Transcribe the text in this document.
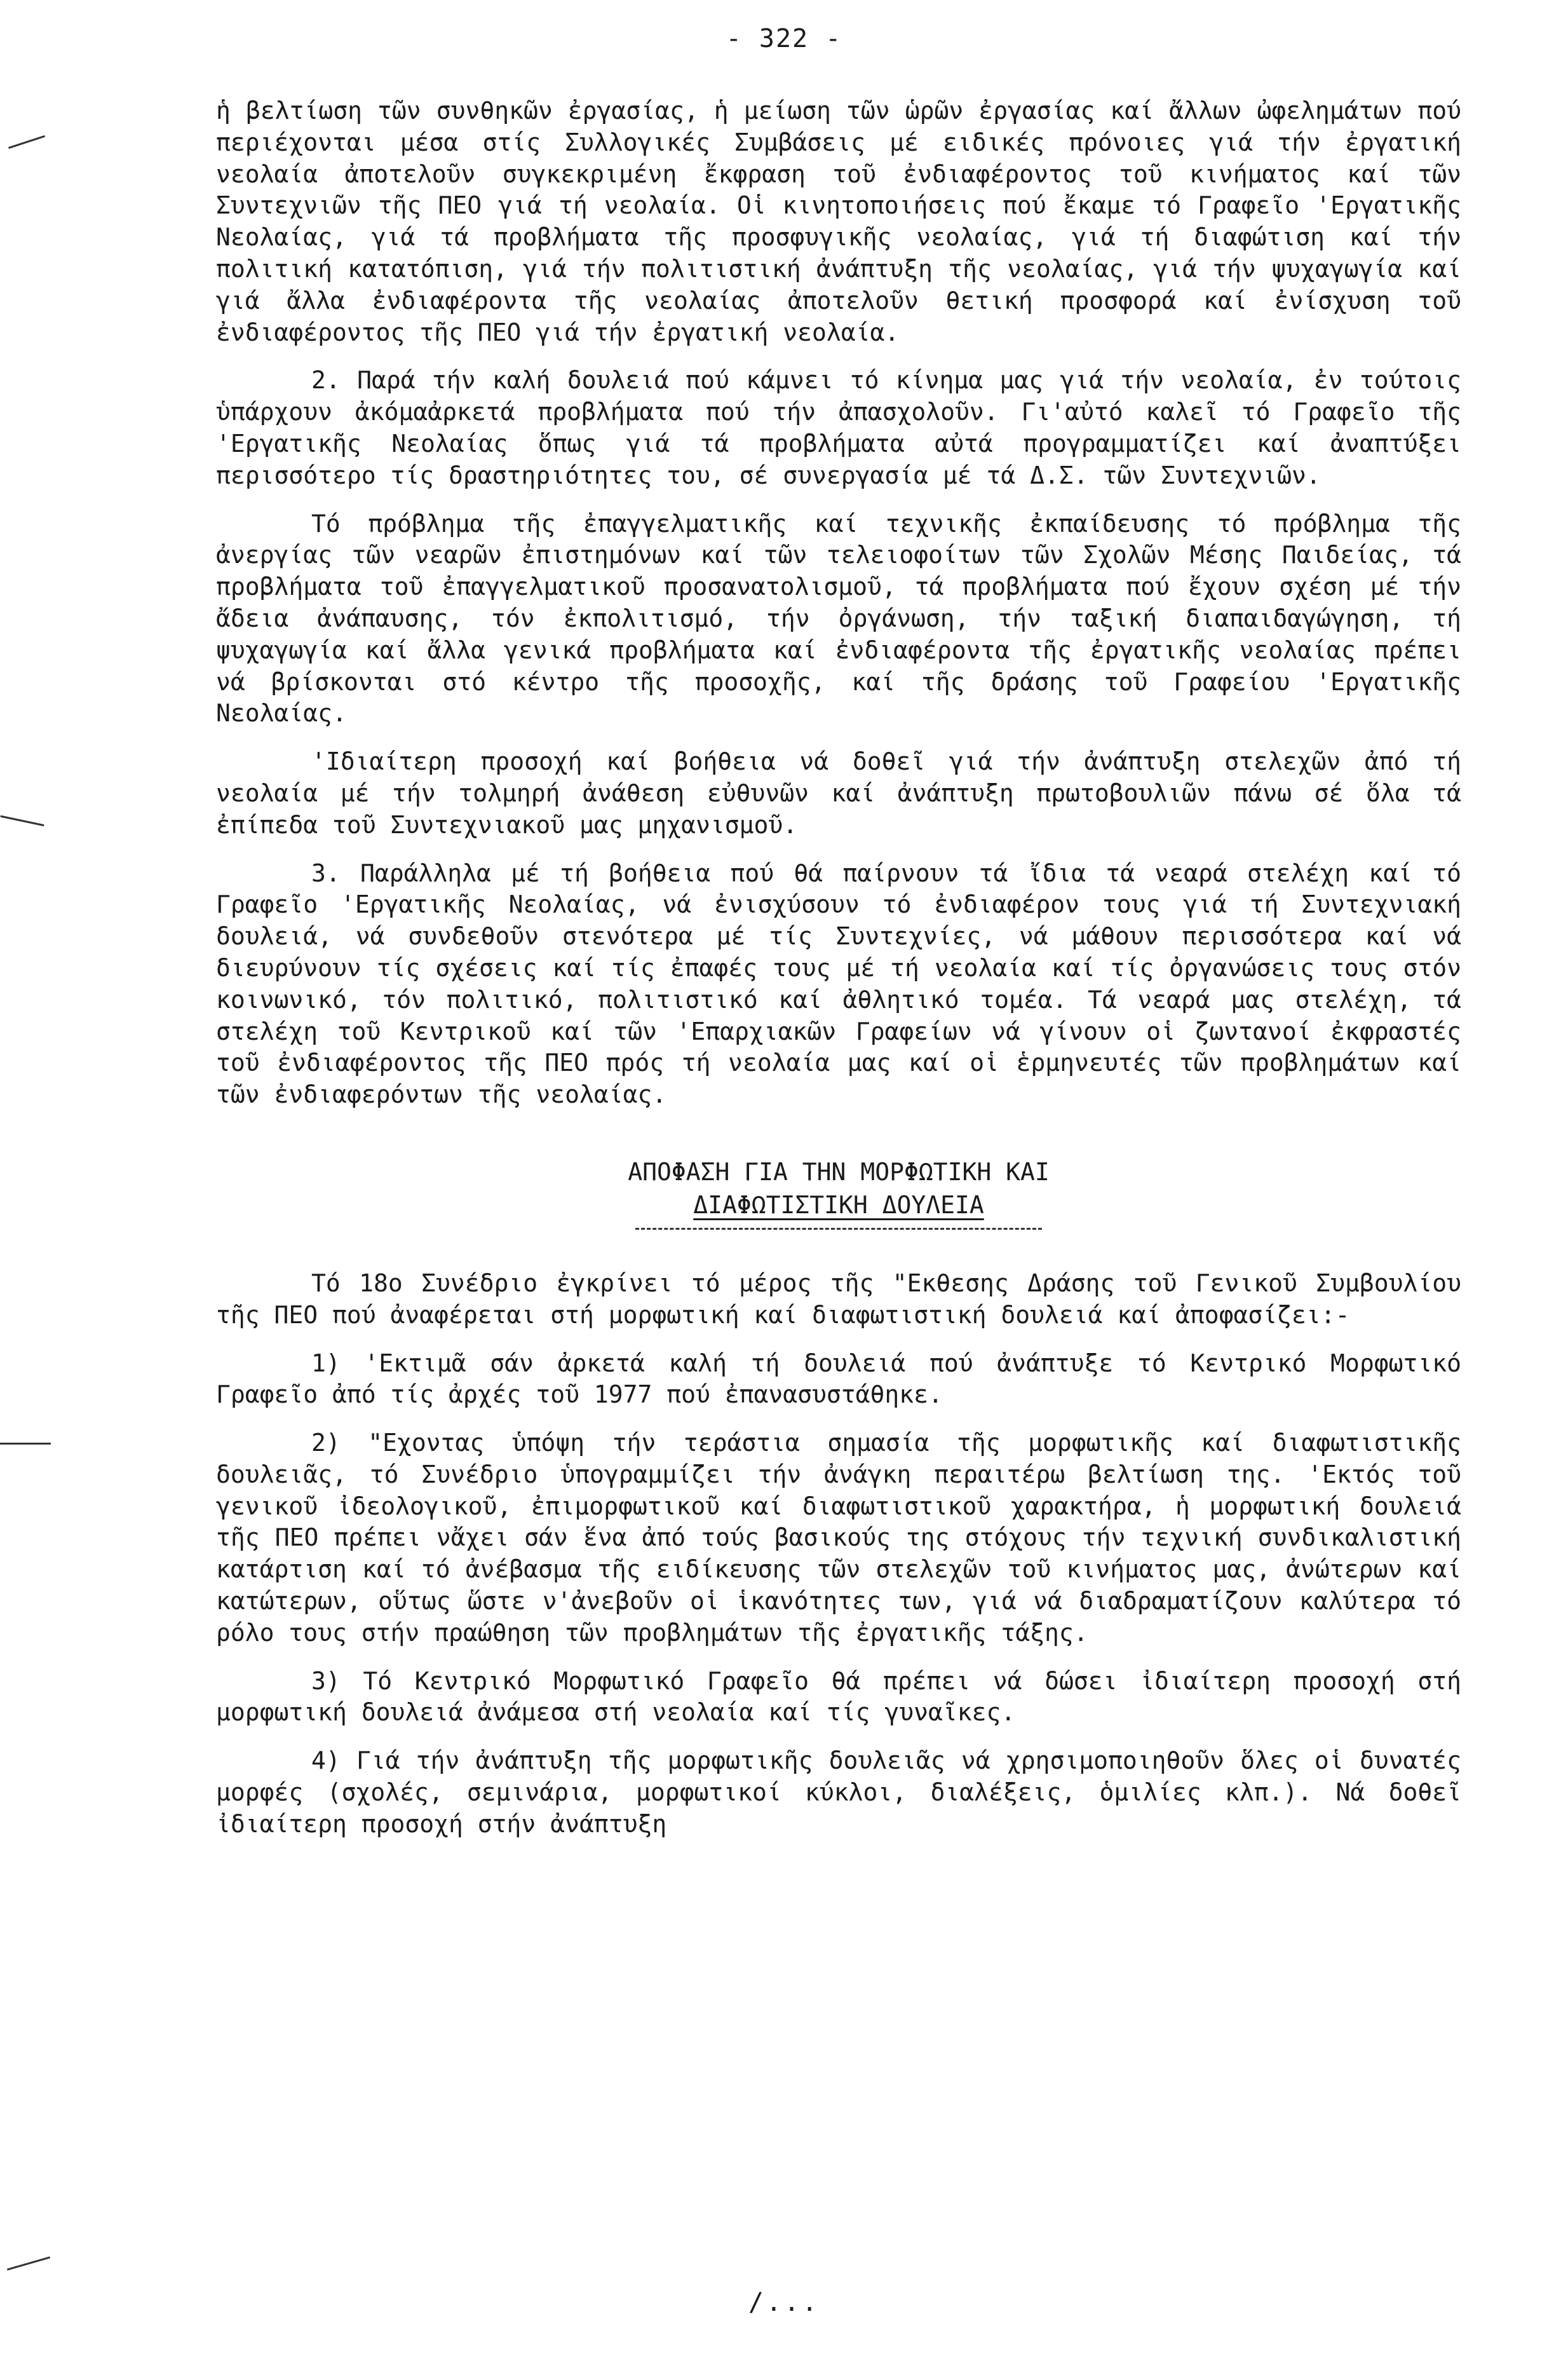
- 322 -

ἡ βελτίωση τῶν συνθηκῶν ἐργασίας, ἡ μείωση τῶν ὡρῶν ἐργασίας καί ἄλλων ὠφελημάτων πού περιέχονται μέσα στίς Συλλογικές Συμβάσεις μέ ειδικές πρόνοιες γιά τήν ἐργατική νεολαία ἀποτελοῦν συγκεκριμένη ἔκφραση τοῦ ἐνδιαφέροντος τοῦ κινήματος καί τῶν Συντεχνιῶν τῆς ΠΕΟ γιά τή νεολαία. Οἱ κινητοποιήσεις πού ἔκαμε τό Γραφεῖο 'Εργατικῆς Νεολαίας, γιά τά προβλήματα τῆς προσφυγικῆς νεολαίας, γιά τή διαφώτιση καί τήν πολιτική κατατόπιση, γιά τήν πολιτιστική ἀνάπτυξη τῆς νεολαίας, γιά τήν ψυχαγωγία καί γιά ἄλλα ἐνδιαφέροντα τῆς νεολαίας ἀποτελοῦν θετική προσφορά καί ἐνίσχυση τοῦ ἐνδιαφέροντος τῆς ΠΕΟ γιά τήν ἐργατική νεολαία.

2. Παρά τήν καλή δουλειά πού κάμνει τό κίνημα μας γιά τήν νεολαία, ἐν τούτοις ὑπάρχουν ἀκόμαἀρκετά προβλήματα πού τήν ἀπασχολοῦν. Γι'αὐτό καλεῖ τό Γραφεῖο τῆς 'Εργατικῆς Νεολαίας ὅπως γιά τά προβλήματα αὐτά προγραμματίζει καί ἀναπτύξει περισσότερο τίς δραστηριότητες του, σέ συνεργασία μέ τά Δ.Σ. τῶν Συντεχνιῶν.

Τό πρόβλημα τῆς ἐπαγγελματικῆς καί τεχνικῆς ἐκπαίδευσης τό πρόβλημα τῆς ἀνεργίας τῶν νεαρῶν ἐπιστημόνων καί τῶν τελειοφοίτων τῶν Σχολῶν Μέσης Παιδείας, τά προβλήματα τοῦ ἐπαγγελματικοῦ προσανατολισμοῦ, τά προβλήματα πού ἔχουν σχέση μέ τήν ἄδεια ἀνάπαυσης, τόν ἐκπολιτισμό, τήν ὀργάνωση, τήν ταξική διαπαιδαγώγηση, τή ψυχαγωγία καί ἄλλα γενικά προβλήματα καί ἐνδιαφέροντα τῆς ἐργατικῆς νεολαίας πρέπει νά βρίσκονται στό κέντρο τῆς προσοχῆς, καί τῆς δράσης τοῦ Γραφείου 'Εργατικῆς Νεολαίας.

'Ιδιαίτερη προσοχή καί βοήθεια νά δοθεῖ γιά τήν ἀνάπτυξη στελεχῶν ἀπό τή νεολαία μέ τήν τολμηρή ἀνάθεση εὐθυνῶν καί ἀνάπτυξη πρωτοβουλιῶν πάνω σέ ὅλα τά ἐπίπεδα τοῦ Συντεχνιακοῦ μας μηχανισμοῦ.

3. Παράλληλα μέ τή βοήθεια πού θά παίρνουν τά ἴδια τά νεαρά στελέχη καί τό Γραφεῖο 'Εργατικῆς Νεολαίας, νά ἐνισχύσουν τό ἐνδιαφέρον τους γιά τή Συντεχνιακή δουλειά, νά συνδεθοῦν στενότερα μέ τίς Συντεχνίες, νά μάθουν περισσότερα καί νά διευρύνουν τίς σχέσεις καί τίς ἐπαφές τους μέ τή νεολαία καί τίς ὀργανώσεις τους στόν κοινωνικό, τόν πολιτικό, πολιτιστικό καί ἀθλητικό τομέα. Τά νεαρά μας στελέχη, τά στελέχη τοῦ Κεντρικοῦ καί τῶν 'Επαρχιακῶν Γραφείων νά γίνουν οἱ ζωντανοί ἐκφραστές τοῦ ἐνδιαφέροντος τῆς ΠΕΟ πρός τή νεολαία μας καί οἱ ἑρμηνευτές τῶν προβλημάτων καί τῶν ἐνδιαφερόντων τῆς νεολαίας.

ΑΠΟΦΑΣΗ ΓΙΑ ΤΗΝ ΜΟΡΦΩΤΙΚΗ ΚΑΙ
ΔΙΑΦΩΤΙΣΤΙΚΗ ΔΟΥΛΕΙΑ

Τό 18ο Συνέδριο ἐγκρίνει τό μέρος τῆς "Εκθεσης Δράσης τοῦ Γενικοῦ Συμβουλίου τῆς ΠΕΟ πού ἀναφέρεται στή μορφωτική καί διαφωτιστική δουλειά καί ἀποφασίζει:-

1) 'Εκτιμᾶ σάν ἀρκετά καλή τή δουλειά πού ἀνάπτυξε τό Κεντρικό Μορφωτικό Γραφεῖο ἀπό τίς ἀρχές τοῦ 1977 πού ἐπανασυστάθηκε.

2) "Εχοντας ὑπόψη τήν τεράστια σημασία τῆς μορφωτικῆς καί διαφωτιστικῆς δουλειᾶς, τό Συνέδριο ὑπογραμμίζει τήν ἀνάγκη περαιτέρω βελτίωση της. 'Εκτός τοῦ γενικοῦ ἰδεολογικοῦ, ἐπιμορφωτικοῦ καί διαφωτιστικοῦ χαρακτήρα, ἡ μορφωτική δουλειά τῆς ΠΕΟ πρέπει νἄχει σάν ἕνα ἀπό τούς βασικούς της στόχους τήν τεχνική συνδικαλιστική κατάρτιση καί τό ἀνέβασμα τῆς ειδίκευσης τῶν στελεχῶν τοῦ κινήματος μας, ἀνώτερων καί κατώτερων, οὕτως ὥστε ν'ἀνεβοῦν οἱ ἱκανότητες των, γιά νά διαδραματίζουν καλύτερα τό ρόλο τους στήν πραώθηση τῶν προβλημάτων τῆς ἐργατικῆς τάξης.

3) Τό Κεντρικό Μορφωτικό Γραφεῖο θά πρέπει νά δώσει ἰδιαίτερη προσοχή στή μορφωτική δουλειά ἀνάμεσα στή νεολαία καί τίς γυναῖκες.

4) Γιά τήν ἀνάπτυξη τῆς μορφωτικῆς δουλειᾶς νά χρησιμοποιηθοῦν ὅλες οἱ δυνατές μορφές (σχολές, σεμινάρια, μορφωτικοί κύκλοι, διαλέξεις, ὁμιλίες κλπ.). Νά δοθεῖ ἰδιαίτερη προσοχή στήν ἀνάπτυξη

/...
